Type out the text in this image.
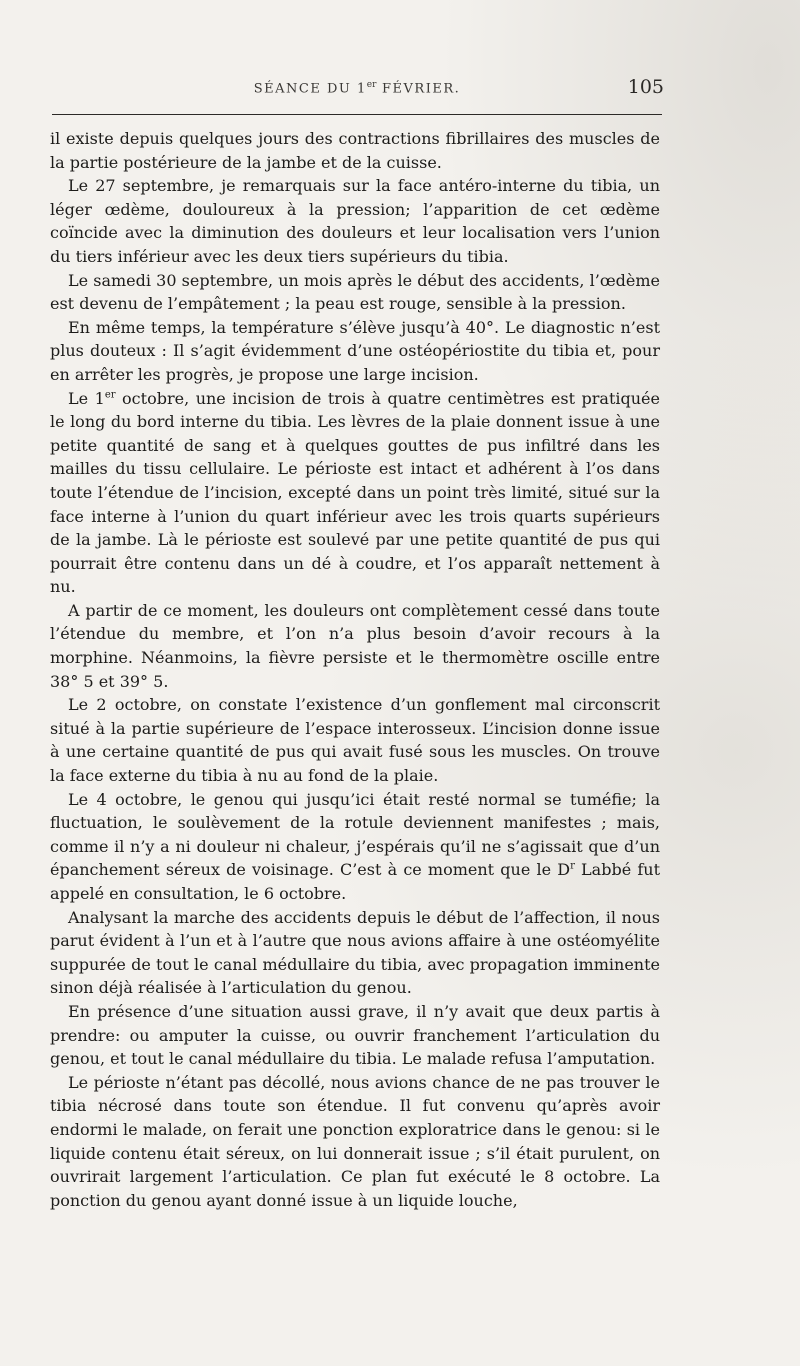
SÉANCE DU 1er FÉVRIER.	105

il existe depuis quelques jours des contractions fibrillaires des muscles de la partie postérieure de la jambe et de la cuisse.

Le 27 septembre, je remarquais sur la face antéro-interne du tibia, un léger œdème, douloureux à la pression; l’apparition de cet œdème coïncide avec la diminution des douleurs et leur localisation vers l’union du tiers inférieur avec les deux tiers supérieurs du tibia.

Le samedi 30 septembre, un mois après le début des accidents, l’œdème est devenu de l’empâtement ; la peau est rouge, sensible à la pression.

En même temps, la température s’élève jusqu’à 40°. Le diagnostic n’est plus douteux : Il s’agit évidemment d’une ostéopériostite du tibia et, pour en arrêter les progrès, je propose une large incision.

Le 1er octobre, une incision de trois à quatre centimètres est pratiquée le long du bord interne du tibia. Les lèvres de la plaie donnent issue à une petite quantité de sang et à quelques gouttes de pus infiltré dans les mailles du tissu cellulaire. Le périoste est intact et adhérent à l’os dans toute l’étendue de l’incision, excepté dans un point très limité, situé sur la face interne à l’union du quart inférieur avec les trois quarts supérieurs de la jambe. Là le périoste est soulevé par une petite quantité de pus qui pourrait être contenu dans un dé à coudre, et l’os apparaît nettement à nu.

A partir de ce moment, les douleurs ont complètement cessé dans toute l’étendue du membre, et l’on n’a plus besoin d’avoir recours à la morphine. Néanmoins, la fièvre persiste et le thermomètre oscille entre 38° 5 et 39° 5.

Le 2 octobre, on constate l’existence d’un gonflement mal circonscrit situé à la partie supérieure de l’espace interosseux. L’incision donne issue à une certaine quantité de pus qui avait fusé sous les muscles. On trouve la face externe du tibia à nu au fond de la plaie.

Le 4 octobre, le genou qui jusqu’ici était resté normal se tuméfie; la fluctuation, le soulèvement de la rotule deviennent manifestes ; mais, comme il n’y a ni douleur ni chaleur, j’espérais qu’il ne s’agissait que d’un épanchement séreux de voisinage. C’est à ce moment que le $D^r$ Labbé fut appelé en consultation, le 6 octobre.

Analysant la marche des accidents depuis le début de l’affection, il nous parut évident à l’un et à l’autre que nous avions affaire à une ostéomyélite suppurée de tout le canal médullaire du tibia, avec propagation imminente sinon déjà réalisée à l’articulation du genou.

En présence d’une situation aussi grave, il n’y avait que deux partis à prendre: ou amputer la cuisse, ou ouvrir franchement l’articulation du genou, et tout le canal médullaire du tibia. Le malade refusa l’amputation.

Le périoste n’étant pas décollé, nous avions chance de ne pas trouver le tibia nécrosé dans toute son étendue. Il fut convenu qu’après avoir endormi le malade, on ferait une ponction exploratrice dans le genou: si le liquide contenu était séreux, on lui donnerait issue ; s’il était purulent, on ouvrirait largement l’articulation. Ce plan fut exécuté le 8 octobre. La ponction du genou ayant donné issue à un liquide louche,
